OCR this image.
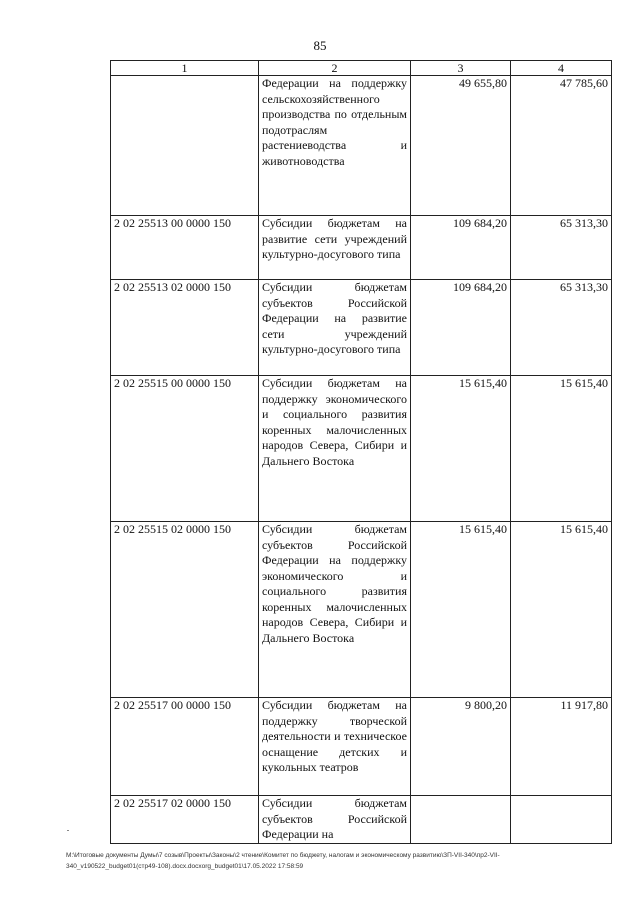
85
1	2	3	4
	Федерации на поддержку сельскохозяйственного производства по отдельным подотраслям растениеводства и животноводства	49 655,80	47 785,60
2 02 25513 00 0000 150	Субсидии бюджетам на развитие сети учреждений культурно-досугового типа	109 684,20	65 313,30
2 02 25513 02 0000 150	Субсидии бюджетам субъектов Российской Федерации на развитие сети учреждений культурно-досугового типа	109 684,20	65 313,30
2 02 25515 00 0000 150	Субсидии бюджетам на поддержку экономического и социального развития коренных малочисленных народов Севера, Сибири и Дальнего Востока	15 615,40	15 615,40
2 02 25515 02 0000 150	Субсидии бюджетам субъектов Российской Федерации на поддержку экономического и социального развития коренных малочисленных народов Севера, Сибири и Дальнего Востока	15 615,40	15 615,40
2 02 25517 00 0000 150	Субсидии бюджетам на поддержку творческой деятельности и техническое оснащение детских и кукольных театров	9 800,20	11 917,80
2 02 25517 02 0000 150	Субсидии бюджетам субъектов Российской Федерации на		
M:\Итоговые документы Думы\7 созыв\Проекты\Законы\2 чтение\Комитет по бюджету, налогам и экономическому развитию\ЗП-VII-340\пр2-VII-
340_v190522_budget01(стр49-108).docx.docxorg_budget01\17.05.2022 17:58:59
